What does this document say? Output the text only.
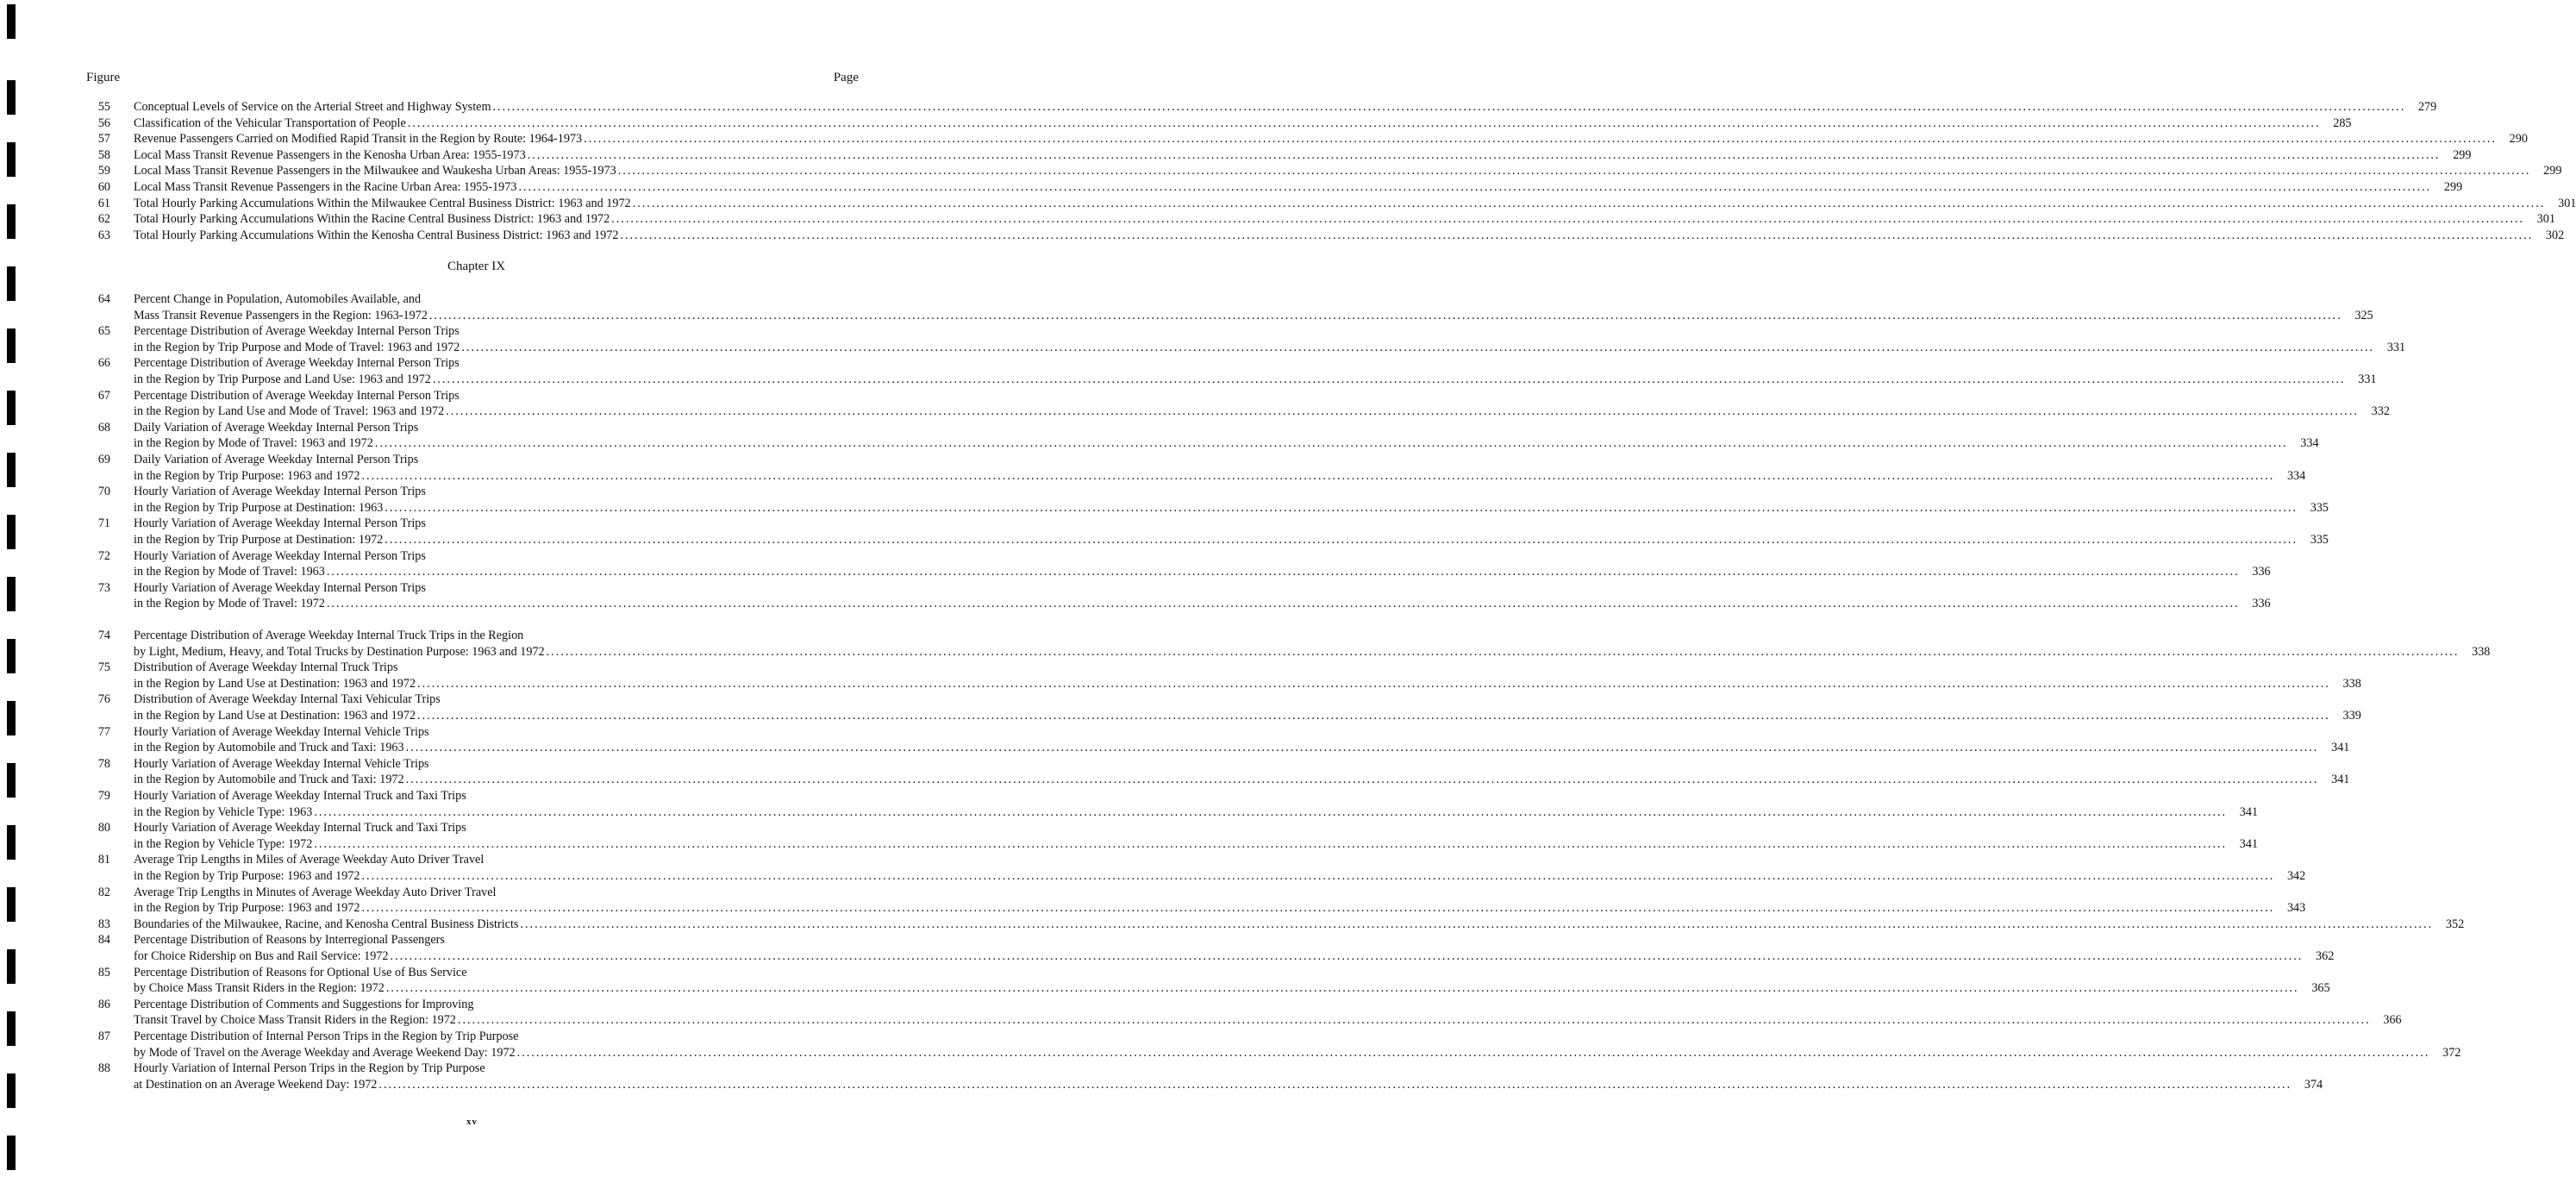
Figure	Page
Chapter IX
55 Conceptual Levels of Service on the Arterial Street and Highway System ................................................................................................................................................................................................................................................................................................................................................................................................................	279
56 Classification of the Vehicular Transportation of People ................................................................................................................................................................................................................................................................................................................................................................................................................	285
57 Revenue Passengers Carried on Modified Rapid Transit in the Region by Route: 1964-1973 ................................................................................................................................................................................................................................................................................................................................................................................................................	290
58 Local Mass Transit Revenue Passengers in the Kenosha Urban Area: 1955-1973 ................................................................................................................................................................................................................................................................................................................................................................................................................	299
59 Local Mass Transit Revenue Passengers in the Milwaukee and Waukesha Urban Areas: 1955-1973 ................................................................................................................................................................................................................................................................................................................................................................................................................	299
60 Local Mass Transit Revenue Passengers in the Racine Urban Area: 1955-1973 ................................................................................................................................................................................................................................................................................................................................................................................................................	299
61 Total Hourly Parking Accumulations Within the Milwaukee Central Business District: 1963 and 1972 ................................................................................................................................................................................................................................................................................................................................................................................................................	301
62 Total Hourly Parking Accumulations Within the Racine Central Business District: 1963 and 1972 ................................................................................................................................................................................................................................................................................................................................................................................................................	301
63 Total Hourly Parking Accumulations Within the Kenosha Central Business District: 1963 and 1972 ................................................................................................................................................................................................................................................................................................................................................................................................................	302
64 Percent Change in Population, Automobiles Available, and
Mass Transit Revenue Passengers in the Region: 1963-1972 ................................................................................................................................................................................................................................................................................................................................................................................................................	325
65 Percentage Distribution of Average Weekday Internal Person Trips
in the Region by Trip Purpose and Mode of Travel: 1963 and 1972 ................................................................................................................................................................................................................................................................................................................................................................................................................	331
66 Percentage Distribution of Average Weekday Internal Person Trips
in the Region by Trip Purpose and Land Use: 1963 and 1972 ................................................................................................................................................................................................................................................................................................................................................................................................................	331
67 Percentage Distribution of Average Weekday Internal Person Trips
in the Region by Land Use and Mode of Travel: 1963 and 1972 ................................................................................................................................................................................................................................................................................................................................................................................................................	332
68 Daily Variation of Average Weekday Internal Person Trips
in the Region by Mode of Travel: 1963 and 1972 ................................................................................................................................................................................................................................................................................................................................................................................................................	334
69 Daily Variation of Average Weekday Internal Person Trips
in the Region by Trip Purpose: 1963 and 1972 ................................................................................................................................................................................................................................................................................................................................................................................................................	334
70 Hourly Variation of Average Weekday Internal Person Trips
in the Region by Trip Purpose at Destination: 1963 ................................................................................................................................................................................................................................................................................................................................................................................................................	335
71 Hourly Variation of Average Weekday Internal Person Trips
in the Region by Trip Purpose at Destination: 1972 ................................................................................................................................................................................................................................................................................................................................................................................................................	335
72 Hourly Variation of Average Weekday Internal Person Trips
in the Region by Mode of Travel: 1963 ................................................................................................................................................................................................................................................................................................................................................................................................................	336
73 Hourly Variation of Average Weekday Internal Person Trips
in the Region by Mode of Travel: 1972 ................................................................................................................................................................................................................................................................................................................................................................................................................	336
74 Percentage Distribution of Average Weekday Internal Truck Trips in the Region
by Light, Medium, Heavy, and Total Trucks by Destination Purpose: 1963 and 1972 ................................................................................................................................................................................................................................................................................................................................................................................................................	338
75 Distribution of Average Weekday Internal Truck Trips
in the Region by Land Use at Destination: 1963 and 1972 ................................................................................................................................................................................................................................................................................................................................................................................................................	338
76 Distribution of Average Weekday Internal Taxi Vehicular Trips
in the Region by Land Use at Destination: 1963 and 1972 ................................................................................................................................................................................................................................................................................................................................................................................................................	339
77 Hourly Variation of Average Weekday Internal Vehicle Trips
in the Region by Automobile and Truck and Taxi: 1963 ................................................................................................................................................................................................................................................................................................................................................................................................................	341
78 Hourly Variation of Average Weekday Internal Vehicle Trips
in the Region by Automobile and Truck and Taxi: 1972 ................................................................................................................................................................................................................................................................................................................................................................................................................	341
79 Hourly Variation of Average Weekday Internal Truck and Taxi Trips
in the Region by Vehicle Type: 1963 ................................................................................................................................................................................................................................................................................................................................................................................................................	341
80 Hourly Variation of Average Weekday Internal Truck and Taxi Trips
in the Region by Vehicle Type: 1972 ................................................................................................................................................................................................................................................................................................................................................................................................................	341
81 Average Trip Lengths in Miles of Average Weekday Auto Driver Travel
in the Region by Trip Purpose: 1963 and 1972 ................................................................................................................................................................................................................................................................................................................................................................................................................	342
82 Average Trip Lengths in Minutes of Average Weekday Auto Driver Travel
in the Region by Trip Purpose: 1963 and 1972 ................................................................................................................................................................................................................................................................................................................................................................................................................	343
83 Boundaries of the Milwaukee, Racine, and Kenosha Central Business Districts ................................................................................................................................................................................................................................................................................................................................................................................................................	352
84 Percentage Distribution of Reasons by Interregional Passengers
for Choice Ridership on Bus and Rail Service: 1972 ................................................................................................................................................................................................................................................................................................................................................................................................................	362
85 Percentage Distribution of Reasons for Optional Use of Bus Service
by Choice Mass Transit Riders in the Region: 1972 ................................................................................................................................................................................................................................................................................................................................................................................................................	365
86 Percentage Distribution of Comments and Suggestions for Improving
Transit Travel by Choice Mass Transit Riders in the Region: 1972 ................................................................................................................................................................................................................................................................................................................................................................................................................	366
87 Percentage Distribution of Internal Person Trips in the Region by Trip Purpose
by Mode of Travel on the Average Weekday and Average Weekend Day: 1972 ................................................................................................................................................................................................................................................................................................................................................................................................................	372
88 Hourly Variation of Internal Person Trips in the Region by Trip Purpose
at Destination on an Average Weekend Day: 1972 ................................................................................................................................................................................................................................................................................................................................................................................................................	374
xv
